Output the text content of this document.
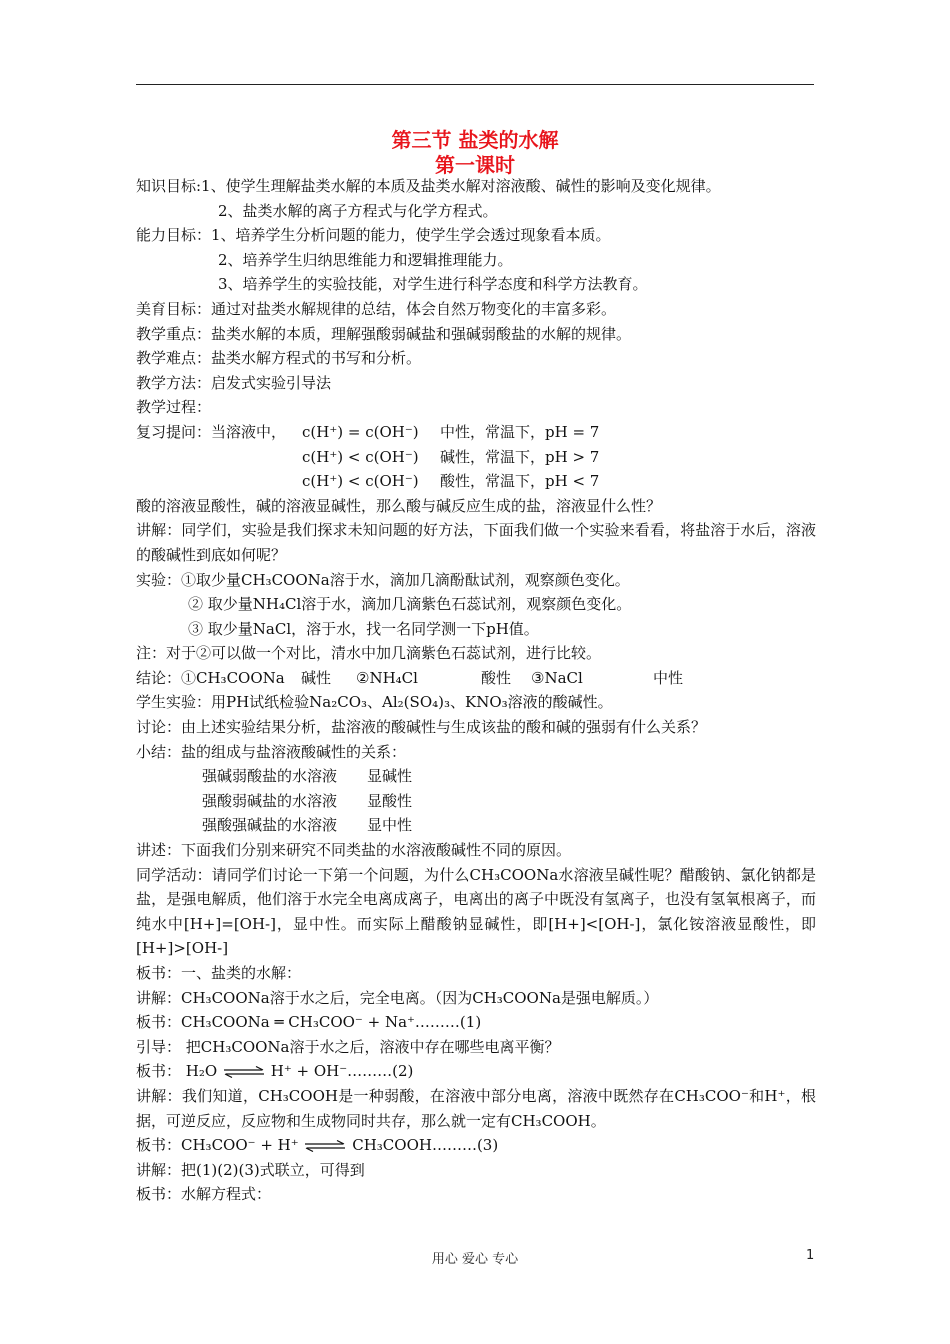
第三节 盐类的水解
第一课时
知识目标:1、使学生理解盐类水解的本质及盐类水解对溶液酸、碱性的影响及变化规律。
2、盐类水解的离子方程式与化学方程式。
能力目标：1、培养学生分析问题的能力，使学生学会透过现象看本质。
2、培养学生归纳思维能力和逻辑推理能力。
3、培养学生的实验技能，对学生进行科学态度和科学方法教育。
美育目标：通过对盐类水解规律的总结，体会自然万物变化的丰富多彩。
教学重点：盐类水解的本质，理解强酸弱碱盐和强碱弱酸盐的水解的规律。
教学难点：盐类水解方程式的书写和分析。
教学方法：启发式实验引导法
教学过程：
复习提问：当溶液中， c(H⁺) = c(OH⁻) 中性，常温下，pH = 7
c(H⁺) < c(OH⁻) 碱性，常温下，pH > 7
c(H⁺) < c(OH⁻) 酸性，常温下，pH < 7
酸的溶液显酸性，碱的溶液显碱性，那么酸与碱反应生成的盐，溶液显什么性？
讲解：同学们，实验是我们探求未知问题的好方法，下面我们做一个实验来看看，将盐溶于水后，溶液的酸碱性到底如何呢？
实验：①取少量CH₃COONa溶于水，滴加几滴酚酞试剂，观察颜色变化。
② 取少量NH₄Cl溶于水，滴加几滴紫色石蕊试剂，观察颜色变化。
③ 取少量NaCl，溶于水，找一名同学测一下pH值。
注：对于②可以做一个对比，清水中加几滴紫色石蕊试剂，进行比较。
结论：①CH₃COONa 碱性 ②NH₄Cl	酸性 ③NaCl	中性
学生实验：用PH试纸检验Na₂CO₃、Al₂(SO₄)₃、KNO₃溶液的酸碱性。
讨论：由上述实验结果分析，盐溶液的酸碱性与生成该盐的酸和碱的强弱有什么关系？
小结：盐的组成与盐溶液酸碱性的关系：
强碱弱酸盐的水溶液 显碱性
强酸弱碱盐的水溶液 显酸性
强酸强碱盐的水溶液 显中性
讲述：下面我们分别来研究不同类盐的水溶液酸碱性不同的原因。
同学活动：请同学们讨论一下第一个问题，为什么CH₃COONa水溶液呈碱性呢？醋酸钠、氯化钠都是盐，是强电解质，他们溶于水完全电离成离子，电离出的离子中既没有氢离子，也没有氢氧根离子，而纯水中[H+]=[OH-]，显中性。而实际上醋酸钠显碱性，即[H+]<[OH-]，氯化铵溶液显酸性，即[H+]>[OH-]
板书：一、盐类的水解：
讲解：CH₃COONa溶于水之后，完全电离。（因为CH₃COONa是强电解质。）
板书：CH₃COONa ═ CH₃COO⁻ + Na⁺………(1)
引导： 把CH₃COONa溶于水之后，溶液中存在哪些电离平衡？
板书： H₂O ⇌ H⁺ + OH⁻………(2)
讲解：我们知道，CH₃COOH是一种弱酸，在溶液中部分电离，溶液中既然存在CH₃COO⁻和H⁺，根据，可逆反应，反应物和生成物同时共存，那么就一定有CH₃COOH。
板书：CH₃COO⁻ + H⁺ ⇌ CH₃COOH………(3)
讲解：把(1)(2)(3)式联立，可得到
板书：水解方程式：
用心 爱心 专心	1
